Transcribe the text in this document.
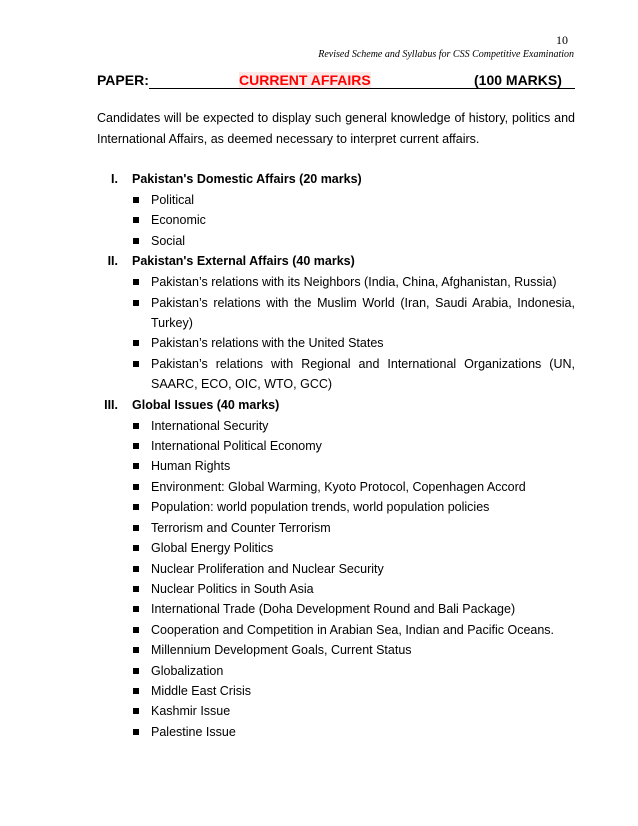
10
Revised Scheme and Syllabus for CSS Competitive Examination
PAPER:	CURRENT AFFAIRS	(100 MARKS)
Candidates will be expected to display such general knowledge of history, politics and International Affairs, as deemed necessary to interpret current affairs.
I. Pakistan's Domestic Affairs (20 marks)
Political
Economic
Social
II. Pakistan's External Affairs (40 marks)
Pakistan’s relations with its Neighbors (India, China, Afghanistan, Russia)
Pakistan’s relations with the Muslim World (Iran, Saudi Arabia, Indonesia, Turkey)
Pakistan’s relations with the United States
Pakistan’s relations with Regional and International Organizations (UN, SAARC, ECO, OIC, WTO, GCC)
III. Global Issues (40 marks)
International Security
International Political Economy
Human Rights
Environment: Global Warming, Kyoto Protocol, Copenhagen Accord
Population: world population trends, world population policies
Terrorism and Counter Terrorism
Global Energy Politics
Nuclear Proliferation and Nuclear Security
Nuclear Politics in South Asia
International Trade (Doha Development Round and Bali Package)
Cooperation and Competition in Arabian Sea, Indian and Pacific Oceans.
Millennium Development Goals, Current Status
Globalization
Middle East Crisis
Kashmir Issue
Palestine Issue
